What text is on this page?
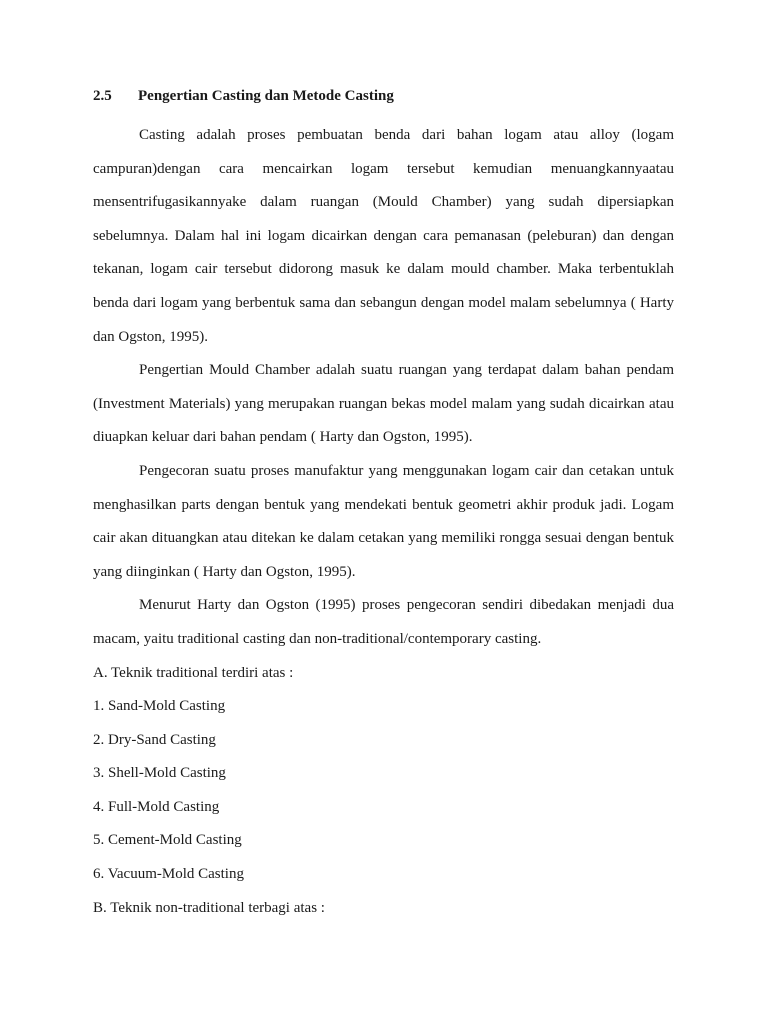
2.5 Pengertian Casting dan Metode Casting

Casting adalah proses pembuatan benda dari bahan logam atau alloy (logam campuran)dengan cara mencairkan logam tersebut kemudian menuangkannyaatau mensentrifugasikannyake dalam ruangan (Mould Chamber) yang sudah dipersiapkan sebelumnya. Dalam hal ini logam dicairkan dengan cara pemanasan (peleburan) dan dengan tekanan, logam cair tersebut didorong masuk ke dalam mould chamber. Maka terbentuklah benda dari logam yang berbentuk sama dan sebangun dengan model malam sebelumnya ( Harty dan Ogston, 1995).

Pengertian Mould Chamber adalah suatu ruangan yang terdapat dalam bahan pendam (Investment Materials) yang merupakan ruangan bekas model malam yang sudah dicairkan atau diuapkan keluar dari bahan pendam ( Harty dan Ogston, 1995).

Pengecoran suatu proses manufaktur yang menggunakan logam cair dan cetakan untuk menghasilkan parts dengan bentuk yang mendekati bentuk geometri akhir produk jadi. Logam cair akan dituangkan atau ditekan ke dalam cetakan yang memiliki rongga sesuai dengan bentuk yang diinginkan ( Harty dan Ogston, 1995).

Menurut Harty dan Ogston (1995) proses pengecoran sendiri dibedakan menjadi dua macam, yaitu traditional casting dan non-traditional/contemporary casting.

A. Teknik traditional terdiri atas :

1. Sand-Mold Casting

2. Dry-Sand Casting

3. Shell-Mold Casting

4. Full-Mold Casting

5. Cement-Mold Casting

6. Vacuum-Mold Casting

B. Teknik non-traditional terbagi atas :
